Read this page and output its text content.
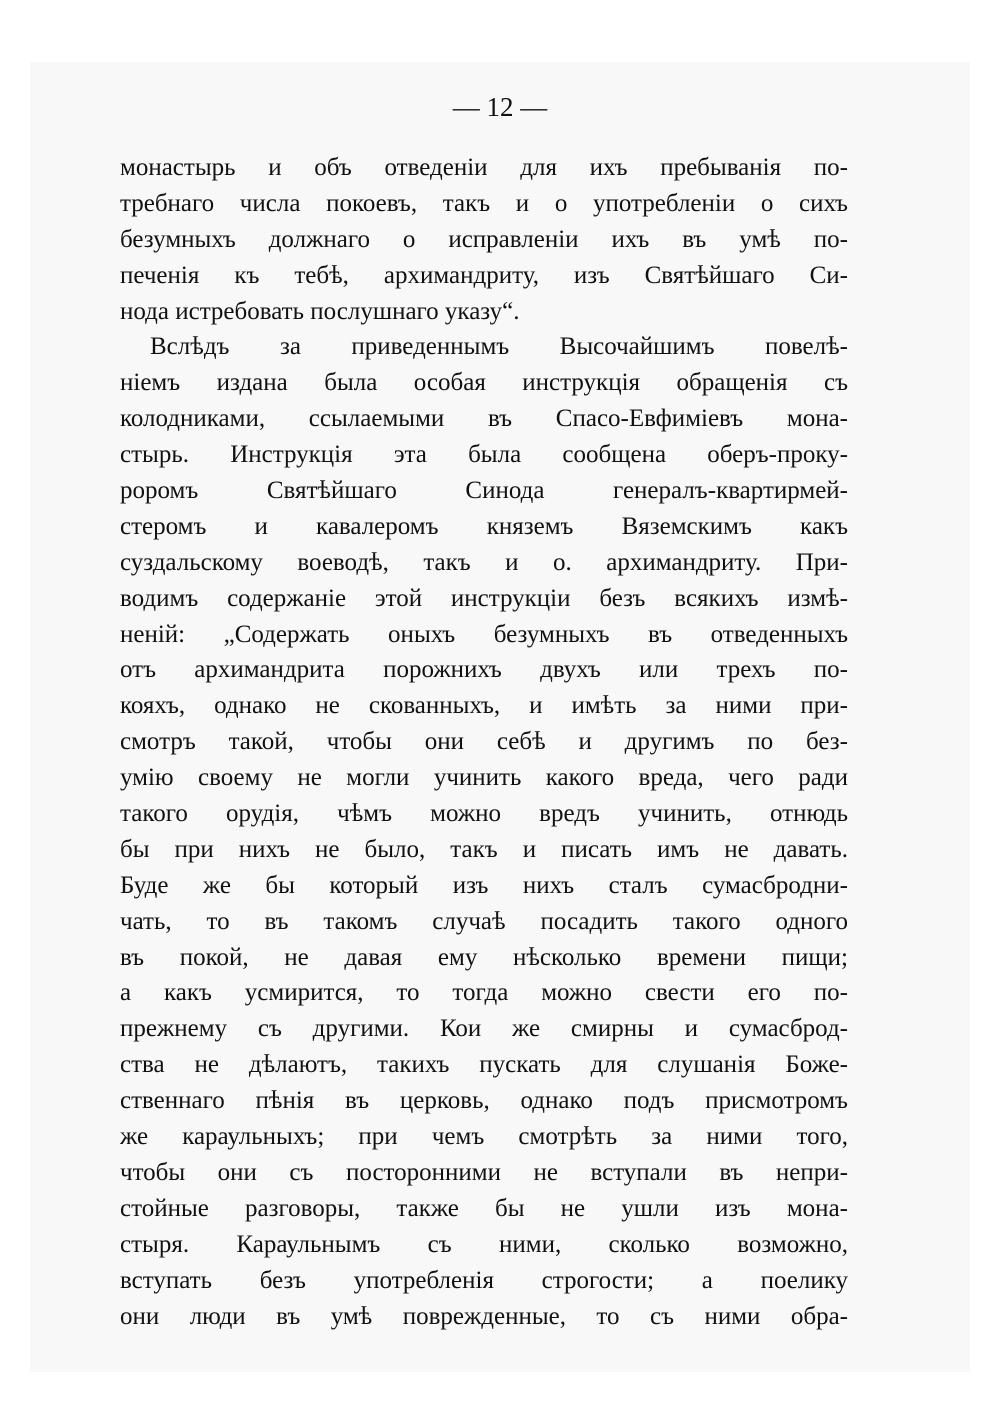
— 12 —
монастырь и объ отведеніи для ихъ пребыванія по-
требнаго числа покоевъ, такъ и о употребленіи о сихъ
безумныхъ должнаго о исправленіи ихъ въ умѣ по-
печенія къ тебѣ, архимандриту, изъ Святѣйшаго Си-
нода истребовать послушнаго указу“.
Вслѣдъ за приведеннымъ Высочайшимъ повелѣ-
ніемъ издана была особая инструкція обращенія съ
колодниками, ссылаемыми въ Спасо-Евфиміевъ мона-
стырь. Инструкція эта была сообщена оберъ-проку-
роромъ Святѣйшаго Синода генералъ-квартирмей-
стеромъ и кавалеромъ княземъ Вяземскимъ какъ
суздальскому воеводѣ, такъ и о. архимандриту. При-
водимъ содержаніе этой инструкціи безъ всякихъ измѣ-
неній: „Содержать оныхъ безумныхъ въ отведенныхъ
отъ архимандрита порожнихъ двухъ или трехъ по-
кояхъ, однако не скованныхъ, и имѣть за ними при-
смотръ такой, чтобы они себѣ и другимъ по без-
умію своему не могли учинить какого вреда, чего ради
такого орудія, чѣмъ можно вредъ учинить, отнюдь
бы при нихъ не было, такъ и писать имъ не давать.
Буде же бы который изъ нихъ сталъ сумасбродни-
чать, то въ такомъ случаѣ посадить такого одного
въ покой, не давая ему нѣсколько времени пищи;
а какъ усмирится, то тогда можно свести его по-
прежнему съ другими. Кои же смирны и сумасброд-
ства не дѣлаютъ, такихъ пускать для слушанія Боже-
ственнаго пѣнія въ церковь, однако подъ присмотромъ
же караульныхъ; при чемъ смотрѣть за ними того,
чтобы они съ посторонними не вступали въ непри-
стойные разговоры, также бы не ушли изъ мона-
стыря. Караульнымъ съ ними, сколько возможно,
вступать безъ употребленія строгости; а поелику
они люди въ умѣ поврежденные, то съ ними обра-
